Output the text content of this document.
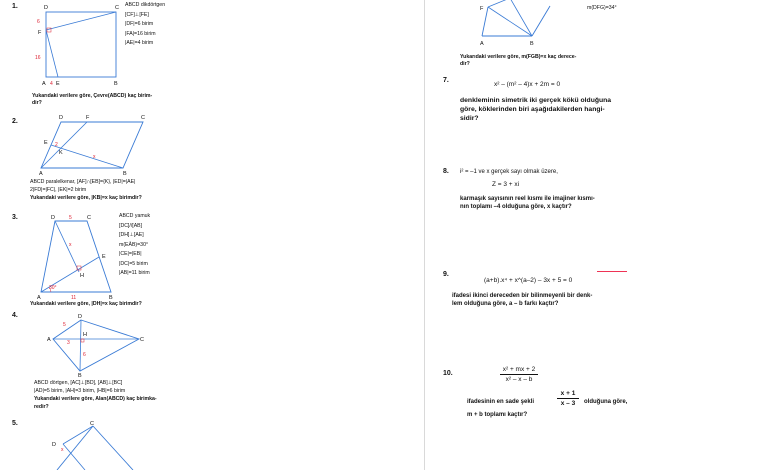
1.	D	C
F
A E	B
6
16
4
ABCD dikdörtgen
[CF]⊥[FE]
|DF|=6 birim
|FA|=16 birim
|AE|=4 birim
Yukarıdaki verilere göre, Çevre(ABCD) kaç birim-
dir?
2.	D	F	C
E
K
A	B
2
x
ABCD paralelkenar, [AF]∩[EB]={K}, |ED|=|AE|
2|FD|=|FC|, |EK|=2 birim
Yukarıdaki verilere göre, |KB|=x kaç birimdir?
3.	D	5	C
x
E
H
30°
A	11	B
ABCD yamuk
[DC]//[AB]
[DH]⊥[AE]
m(EÂB)=30°
|CE|=|EB|
|DC|=5 birim
|AB|=11 birim
Yukarıdaki verilere göre, |DH|=x kaç birimdir?
4.	D
H
A	C
B
5
3
6
ABCD dörtgen, [AC]⊥[BD], [AB]⊥[BC]
|AD|=5 birim, |AH|=3 birim, |HB|=6 birim
Yukarıdaki verilere göre, Alan(ABCD) kaç birimka-
redir?
5.	C
D
x
F
A	B
m(DFG)=34°
Yukarıdaki verilere göre, m(FGB)=x kaç derece-
dir?
7.
x² – (m² – 4)x + 2m = 0
denkleminin simetrik iki gerçek kökü olduğuna
göre, köklerinden biri aşağıdakilerden hangi-
sidir?
8. i² = –1 ve x gerçek sayı olmak üzere,
Z = 3 + xi
karmaşık sayısının reel kısmı ile imajiner kısmı-
nın toplamı –4 olduğuna göre, x kaçtır?
9.
(a+b).x⁴ + x^(a–2) – 3x + 5 = 0
ifadesi ikinci dereceden bir bilinmeyenli bir denk-
lem olduğuna göre, a – b farkı kaçtır?
10.
x² + mx + 2
x² – x – b
ifadesinin en sade şekli
x + 1
x – 3	olduğuna göre,
m + b toplamı kaçtır?
